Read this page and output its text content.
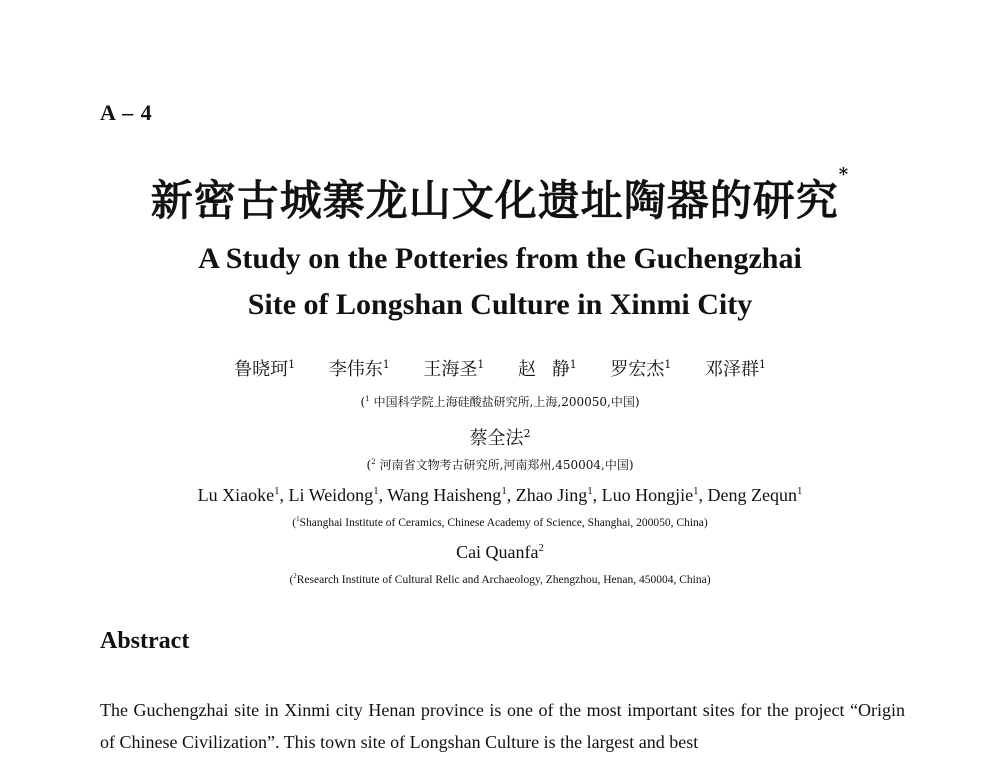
A – 4
新密古城寨龙山文化遗址陶器的研究*
A Study on the Potteries from the Guchengzhai
Site of Longshan Culture in Xinmi City
鲁晓珂$^1$ 李伟东$^1$ 王海圣$^1$ 赵 静$^1$ 罗宏杰$^1$ 邓泽群$^1$
($^1$ 中国科学院上海硅酸盐研究所,上海,200050,中国)
蔡全法$^2$
($^2$ 河南省文物考古研究所,河南郑州,450004,中国)
Lu Xiaoke$^1$, Li Weidong$^1$, Wang Haisheng$^1$, Zhao Jing$^1$, Luo Hongjie$^1$, Deng Zequn$^1$
($^1$Shanghai Institute of Ceramics, Chinese Academy of Science, Shanghai, 200050, China)
Cai Quanfa$^2$
($^2$Research Institute of Cultural Relic and Archaeology, Zhengzhou, Henan, 450004, China)
Abstract
The Guchengzhai site in Xinmi city Henan province is one of the most important sites for the project “Origin of Chinese Civilization”. This town site of Longshan Culture is the largest and best
